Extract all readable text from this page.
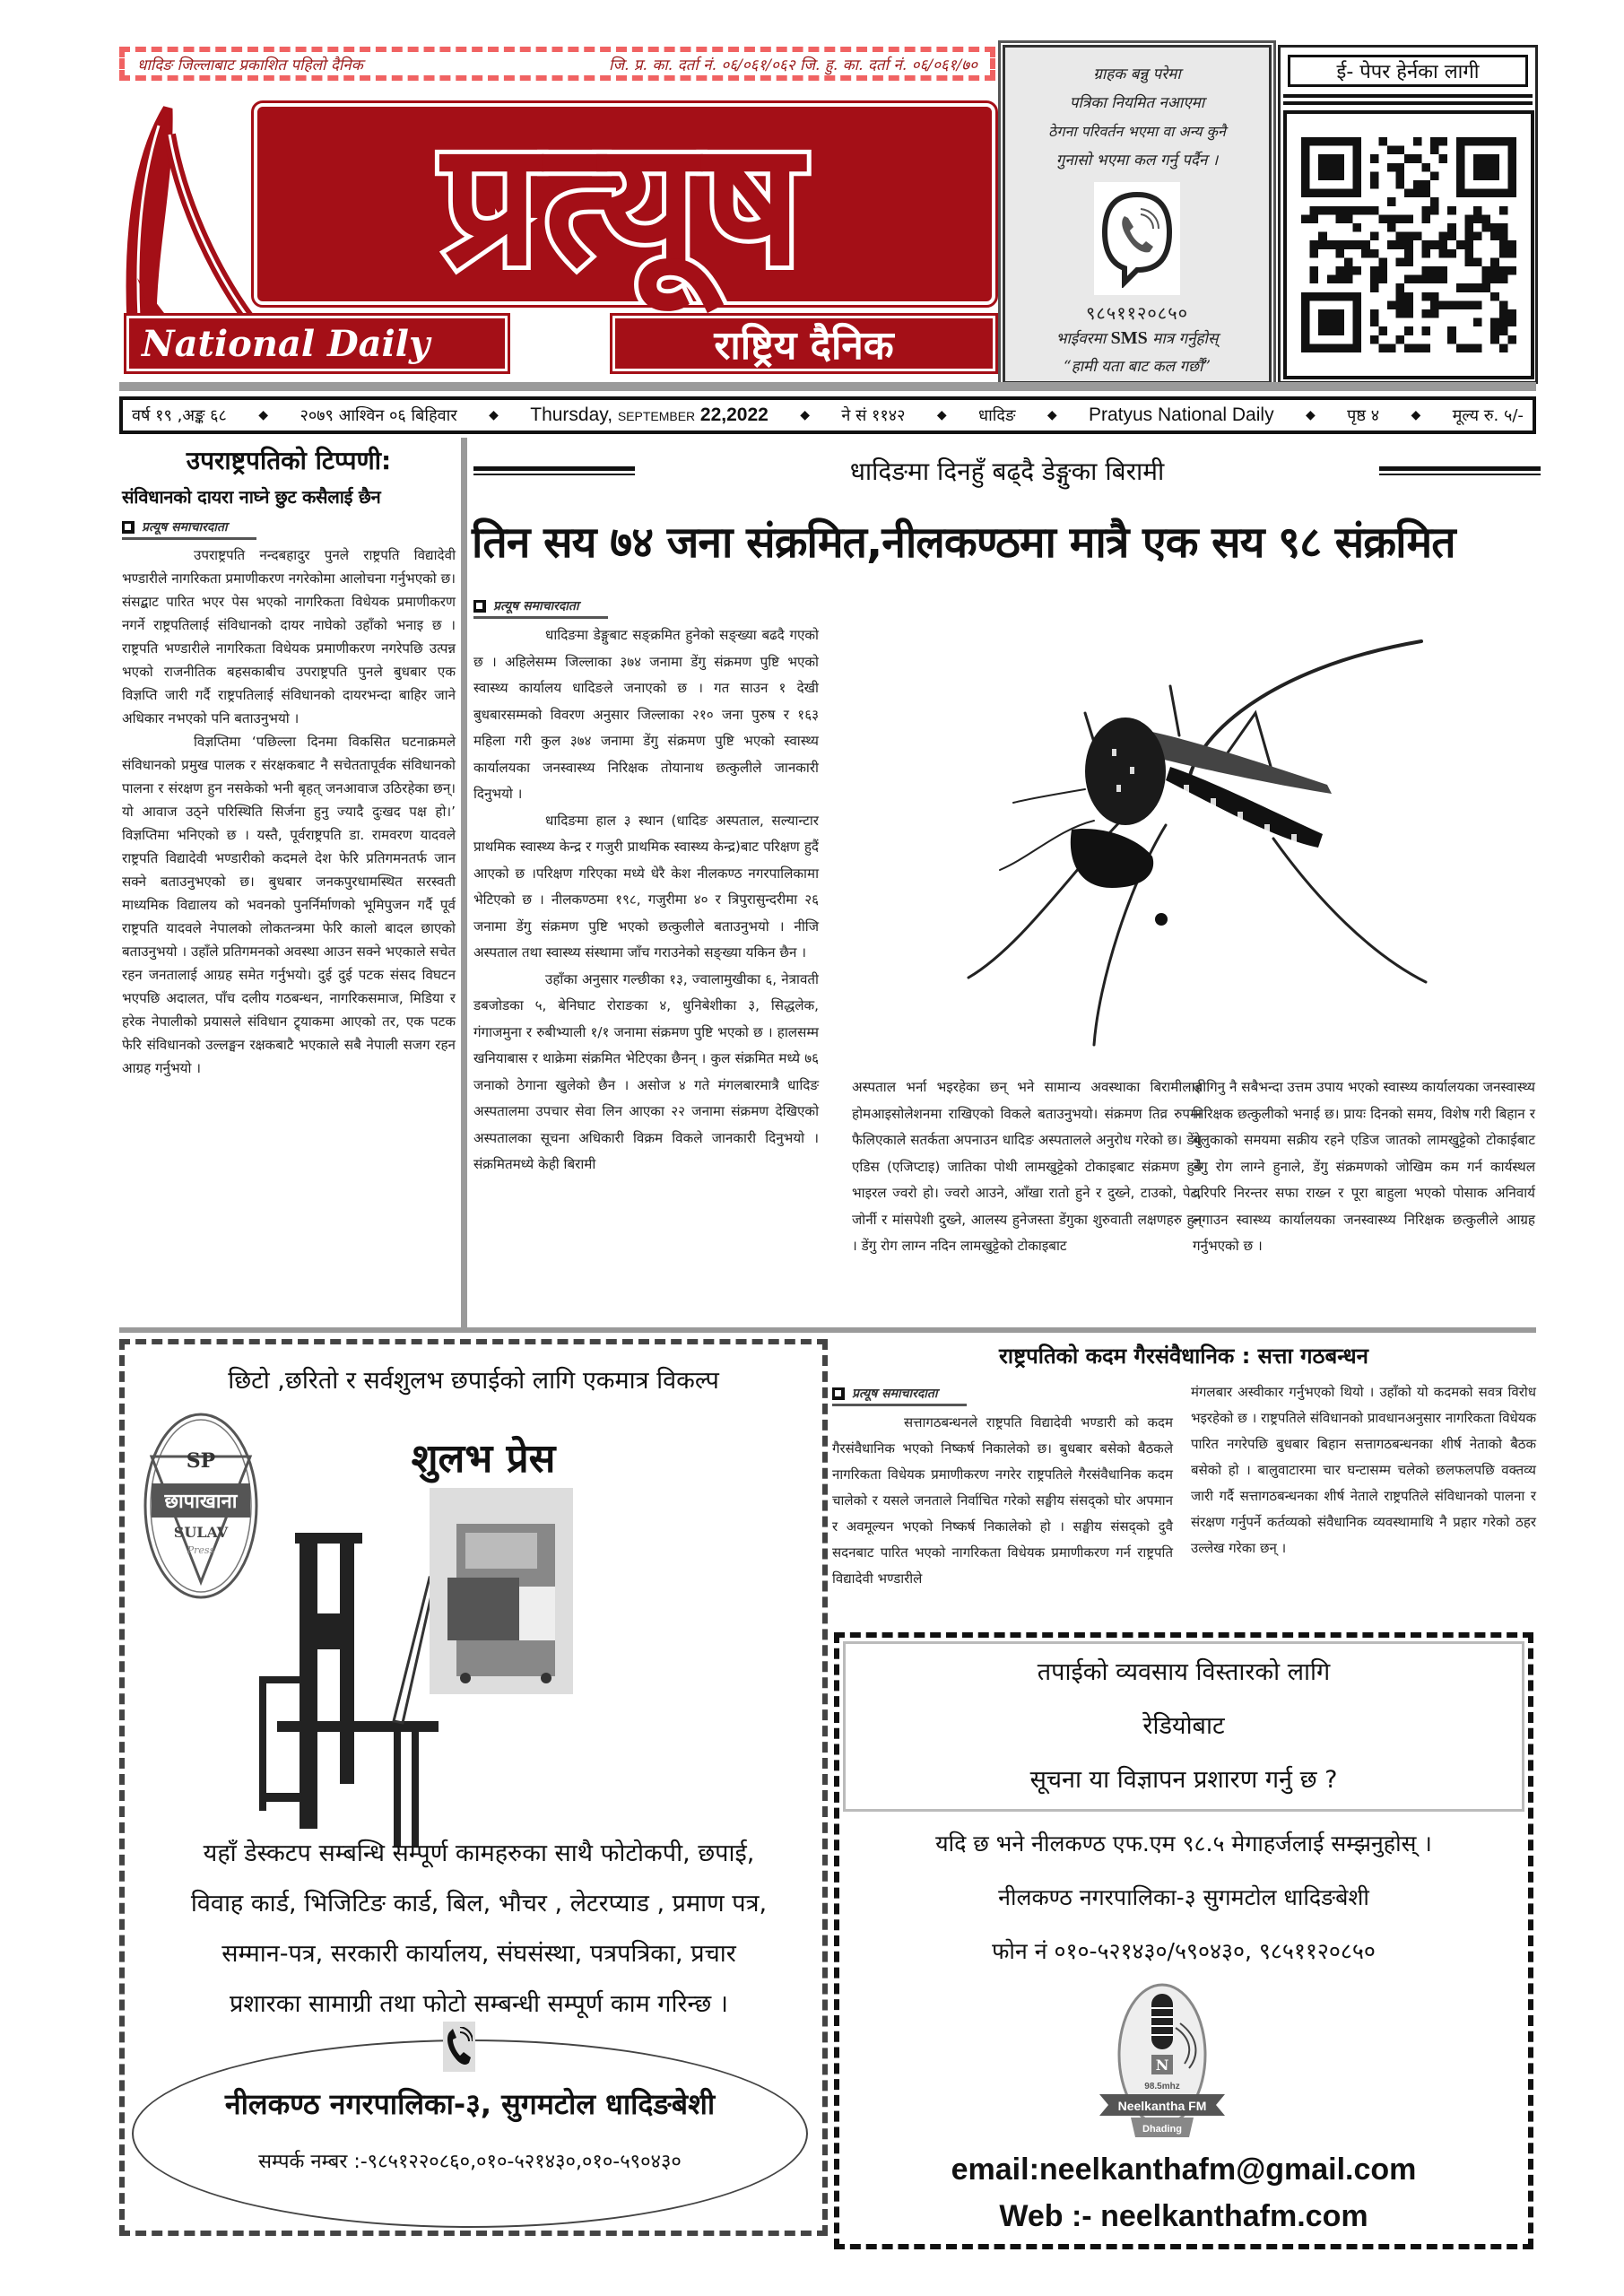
धादिङ जिल्लाबाट प्रकाशित पहिलो दैनिक	जि. प्र. का. दर्ता नं. ०६/०६१/०६२ जि. हु. का. दर्ता नं. ०६/०६१/७०
प्रत्यूष
National Daily	राष्ट्रिय दैनिक
ग्राहक बन्नु परेमा
पत्रिका नियमित नआएमा
ठेगना परिवर्तन भएमा वा अन्य कुनै
गुनासो भएमा कल गर्नु पर्दैन ।
९८५११२०८५०
भाईवरमा SMS मात्र गर्नुहोस्
“हामी यता बाट कल गर्छौं”
ई- पेपर हेर्नका लागी
वर्ष १९ ,अङ्क ६८	◆ २०७९ आश्विन ०६ बिहिवार	◆ Thursday, SEPTEMBER 22,2022	◆ ने सं ११४२	◆ धादिङ	◆ Pratyus National Daily	◆ पृष्ठ ४	◆ मूल्य रु. ५/-
उपराष्ट्रपतिको टिप्पणी:
संविधानको दायरा नाघ्ने छुट कसैलाई छैन
प्रत्यूष समाचारदाता

उपराष्ट्रपति नन्दबहादुर पुनले राष्ट्रपति विद्यादेवी भण्डारीले नागरिकता प्रमाणीकरण नगरेकोमा आलोचना गर्नुभएको छ। संसद्बाट पारित भएर पेस भएको नागरिकता विधेयक प्रमाणीकरण नगर्ने राष्ट्रपतिलाई संविधानको दायर नाघेको उहाँको भनाइ छ । राष्ट्रपति भण्डारीले नागरिकता विधेयक प्रमाणीकरण नगरेपछि उत्पन्न भएको राजनीतिक बहसकाबीच उपराष्ट्रपति पुनले बुधबार एक विज्ञप्ति जारी गर्दै राष्ट्रपतिलाई संविधानको दायरभन्दा बाहिर जाने अधिकार नभएको पनि बताउनुभयो ।

विज्ञप्तिमा ‘पछिल्ला दिनमा विकसित घटनाक्रमले संविधानको प्रमुख पालक र संरक्षकबाट नै सचेततापूर्वक संविधानको पालना र संरक्षण हुन नसकेको भनी बृहत् जनआवाज उठिरहेका छन्। यो आवाज उठ्ने परिस्थिति सिर्जना हुनु ज्यादै दुःखद पक्ष हो।’ विज्ञप्तिमा भनिएको छ । यस्तै, पूर्वराष्ट्रपति डा. रामवरण यादवले राष्ट्रपति विद्यादेवी भण्डारीको कदमले देश फेरि प्रतिगमनतर्फ जान सक्ने बताउनुभएको छ। बुधबार जनकपुरधामस्थित सरस्वती माध्यमिक विद्यालय को भवनको पुनर्निर्माणको भूमिपुजन गर्दै पूर्व राष्ट्रपति यादवले नेपालको लोकतन्त्रमा फेरि कालो बादल छाएको बताउनुभयो । उहाँले प्रतिगमनको अवस्था आउन सक्ने भएकाले सचेत रहन जनतालाई आग्रह समेत गर्नुभयो। दुई दुई पटक संसद विघटन भएपछि अदालत, पाँच दलीय गठबन्धन, नागरिकसमाज, मिडिया र हरेक नेपालीको प्रयासले संविधान ट्र्याकमा आएको तर, एक पटक फेरि संविधानको उल्लङ्घन रक्षकबाटै भएकाले सबै नेपाली सजग रहन आग्रह गर्नुभयो ।

धादिङमा दिनहुँ बढ्दै डेङ्गुका बिरामी
तिन सय ७४ जना संक्रमित,नीलकण्ठमा मात्रै एक सय ९८ संक्रमित
प्रत्यूष समाचारदाता

धादिङमा डेङ्गुबाट सङ्क्रमित हुनेको सङ्ख्या बढदै गएको छ । अहिलेसम्म जिल्लाका ३७४ जनामा डेंगु संक्रमण पुष्टि भएको स्वास्थ्य कार्यालय धादिङले जनाएको छ । गत साउन १ देखी बुधबारसम्मको विवरण अनुसार जिल्लाका २१० जना पुरुष र १६३ महिला गरी कुल ३७४ जनामा डेंगु संक्रमण पुष्टि भएको स्वास्थ्य कार्यालयका जनस्वास्थ्य निरिक्षक तोयानाथ छत्कुलीले जानकारी दिनुभयो ।

धादिङमा हाल ३ स्थान (धादिङ अस्पताल, सल्यान्टार प्राथमिक स्वास्थ्य केन्द्र र गजुरी प्राथमिक स्वास्थ्य केन्द्र)बाट परिक्षण हुदैं आएको छ ।परिक्षण गरिएका मध्ये धेरै केश नीलकण्ठ नगरपालिकामा भेटिएको छ । नीलकण्ठमा १९८, गजुरीमा ४० र त्रिपुरासुन्दरीमा २६ जनामा डेंगु संक्रमण पुष्टि भएको छत्कुलीले बताउनुभयो । नीजि अस्पताल तथा स्वास्थ्य संस्थामा जाँच गराउनेको सङ्ख्या यकिन छैन ।

उहाँका अनुसार गल्छीका १३, ज्वालामुखीका ६, नेत्रावती डबजोडका ५, बेनिघाट रोराङका ४, धुनिबेशीका ३, सिद्धलेक, गंगाजमुना र रुबीभ्याली १/१ जनामा संक्रमण पुष्टि भएको छ । हालसम्म खनियाबास र थाक्रेमा संक्रमित भेटिएका छैनन् । कुल संक्रमित मध्ये ७६ जनाको ठेगाना खुलेको छैन । असोज ४ गते मंगलबारमात्रै धादिङ अस्पतालमा उपचार सेवा लिन आएका २२ जनामा संक्रमण देखिएको अस्पतालका सूचना अधिकारी विक्रम विकले जानकारी दिनुभयो । संक्रमितमध्ये केही बिरामी

अस्पताल भर्ना भइरहेका छन् भने सामान्य अवस्थाका बिरामीलाई होमआइसोलेशनमा राखिएको विकले बताउनुभयो। संक्रमण तिव्र रुपमा फैलिएकाले सतर्कता अपनाउन धादिङ अस्पतालले अनुरोध गरेको छ। डेंगु एडिस (एजिप्टाइ) जातिका पोथी लामखुट्टेको टोकाइबाट संक्रमण हुने भाइरल ज्वरो हो। ज्वरो आउने, आँखा रातो हुने र दुख्ने, टाउको, पेट, जोर्नी र मांसपेशी दुख्ने, आलस्य हुनेजस्ता डेंगुका शुरुवाती लक्षणहरु हुन् । डेंगु रोग लाग्न नदिन लामखुट्टेको टोकाइबाट
जोगिनु नै सबैभन्दा उत्तम उपाय भएको स्वास्थ्य कार्यालयका जनस्वास्थ्य निरिक्षक छत्कुलीको भनाई छ। प्रायः दिनको समय, विशेष गरी बिहान र बेलुकाको समयमा सक्रीय रहने एडिज जातको लामखुट्टेको टोकाईबाट डेंगु रोग लाग्ने हुनाले, डेंगु संक्रमणको जोखिम कम गर्न कार्यस्थल वरिपरि निरन्तर सफा राख्न र पूरा बाहुला भएको पोसाक अनिवार्य लगाउन स्वास्थ्य कार्यालयका जनस्वास्थ्य निरिक्षक छत्कुलीले आग्रह गर्नुभएको छ ।
राष्ट्रपतिको कदम गैरसंवैधानिक : सत्ता गठबन्धन
प्रत्यूष समाचारदाता
सत्तागठबन्धनले राष्ट्रपति विद्यादेवी भण्डारी को कदम गैरसंवैधानिक भएको निष्कर्ष निकालेको छ। बुधबार बसेको बैठकले नागरिकता विधेयक प्रमाणीकरण नगरेर राष्ट्रपतिले गैरसंवैधानिक कदम चालेको र यसले जनताले निर्वाचित गरेको सङ्घीय संसद्को घोर अपमान र अवमूल्यन भएको निष्कर्ष निकालेको हो । सङ्घीय संसद्को दुवै सदनबाट पारित भएको नागरिकता विधेयक प्रमाणीकरण गर्न राष्ट्रपति विद्यादेवी भण्डारीले
मंगलबार अस्वीकार गर्नुभएको थियो । उहाँको यो कदमको सवत्र विरोध भइरहेको छ । राष्ट्रपतिले संविधानको प्रावधानअनुसार नागरिकता विधेयक पारित नगरेपछि बुधबार बिहान सत्तागठबन्धनका शीर्ष नेताको बैठक बसेको हो । बालुवाटारमा चार घन्टासम्म चलेको छलफलपछि वक्तव्य जारी गर्दै सत्तागठबन्धनका शीर्ष नेताले राष्ट्रपतिले संविधानको पालना र संरक्षण गर्नुपर्ने कर्तव्यको संवैधानिक व्यवस्थामाथि नै प्रहार गरेको ठहर उल्लेख गरेका छन् ।
छिटो ,छरितो र सर्वशुलभ छपाईको लागि एकमात्र विकल्प
शुलभ प्रेस
छापाखाना
SP
SULAV
Press
यहाँ डेस्कटप सम्बन्धि सम्पूर्ण कामहरुका साथै फोटोकपी, छपाई,
विवाह कार्ड, भिजिटिङ कार्ड, बिल, भौचर , लेटरप्याड , प्रमाण पत्र,
सम्मान-पत्र, सरकारी कार्यालय, संघसंस्था, पत्रपत्रिका, प्रचार
प्रशारका सामाग्री तथा फोटो सम्बन्धी सम्पूर्ण काम गरिन्छ ।
नीलकण्ठ नगरपालिका-३, सुगमटोल धादिङबेशी
सम्पर्क नम्बर :-९८५१२२०८६०,०१०-५२१४३०,०१०-५९०४३०
तपाईको व्यवसाय विस्तारको लागि
रेडियोबाट
सूचना या विज्ञापन प्रशारण गर्नु छ ?
यदि छ भने नीलकण्ठ एफ.एम ९८.५ मेगाहर्जलाई सम्झनुहोस् ।
नीलकण्ठ नगरपालिका-३ सुगमटोल धादिङबेशी
फोन नं ०१०-५२१४३०/५९०४३०, ९८५११२०८५०
N
98.5mhz
Neelkantha FM
Dhading
email:neelkanthafm@gmail.com
Web :- neelkanthafm.com
